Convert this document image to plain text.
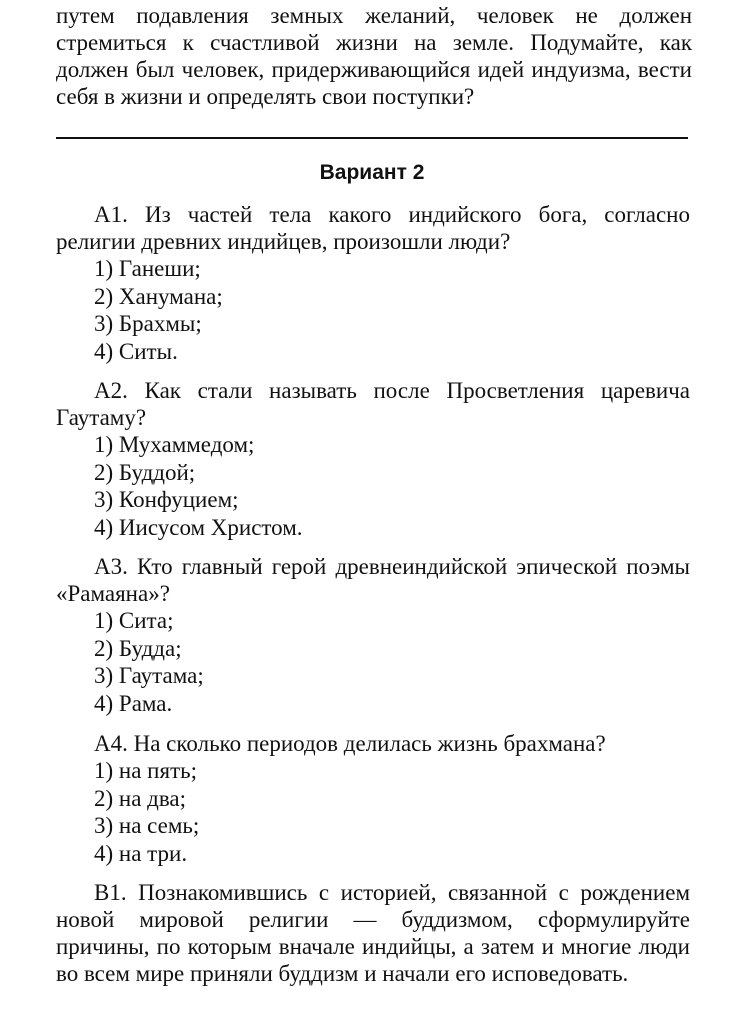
путем подавления земных желаний, человек не должен стремиться к счастливой жизни на земле. Подумайте, как должен был человек, придерживающийся идей индуизма, вести себя в жизни и определять свои поступки?

Вариант 2
А1. Из частей тела какого индийского бога, согласно религии древних индийцев, произошли люди?
1) Ганеши;
2) Ханумана;
3) Брахмы;
4) Ситы.
А2. Как стали называть после Просветления царевича Гаутаму?
1) Мухаммедом;
2) Буддой;
3) Конфуцием;
4) Иисусом Христом.
А3. Кто главный герой древнеиндийской эпической поэмы «Рамаяна»?
1) Сита;
2) Будда;
3) Гаутама;
4) Рама.
А4. На сколько периодов делилась жизнь брахмана?
1) на пять;
2) на два;
3) на семь;
4) на три.
В1. Познакомившись с историей, связанной с рождением новой мировой религии — буддизмом, сформулируйте причины, по которым вначале индийцы, а затем и многие люди во всем мире приняли буддизм и начали его исповедовать.
